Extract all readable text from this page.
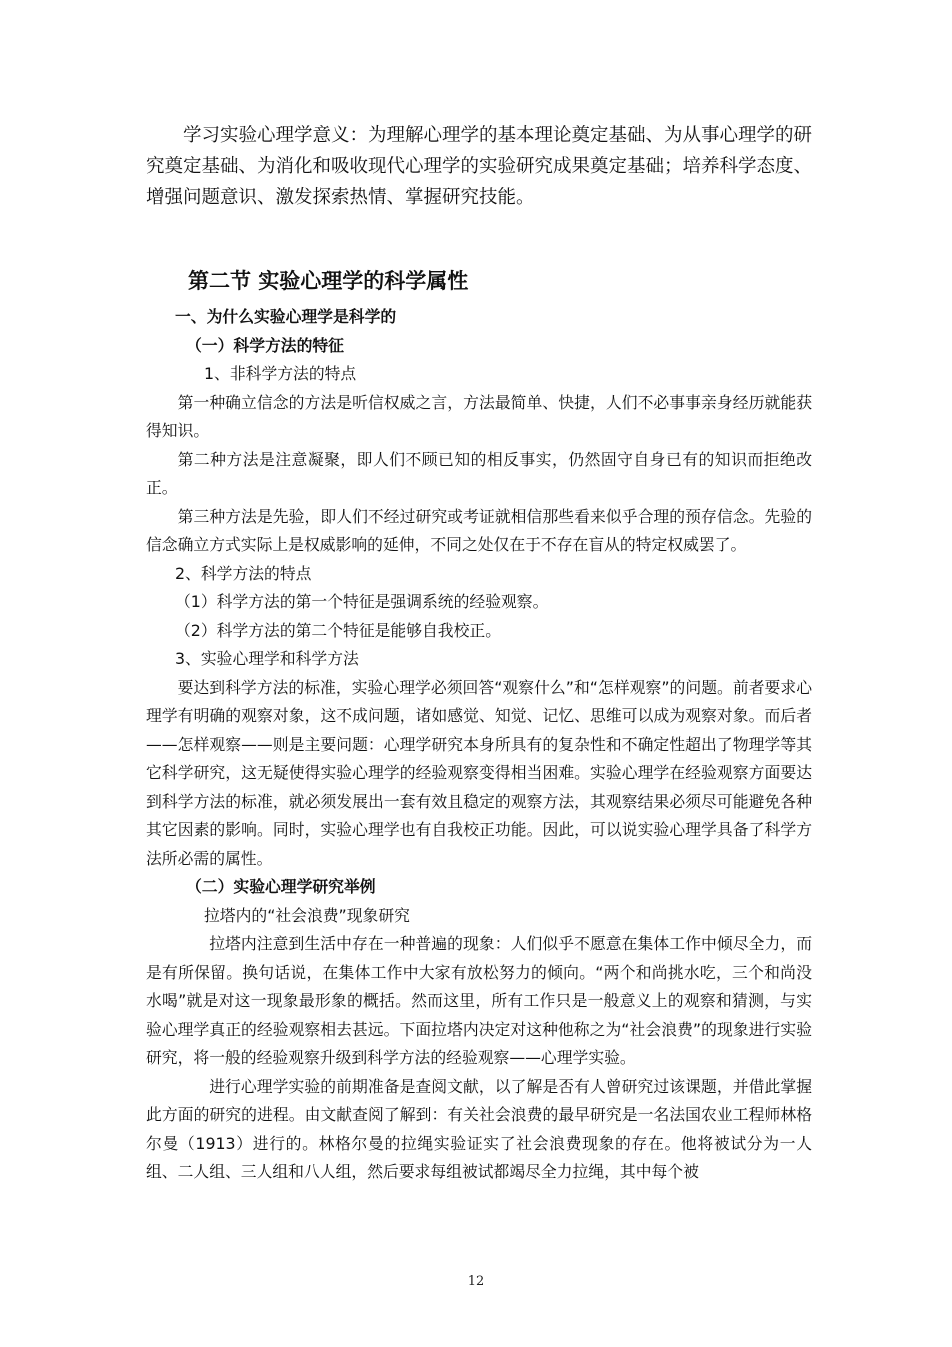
学习实验心理学意义：为理解心理学的基本理论奠定基础、为从事心理学的研究奠定基础、为消化和吸收现代心理学的实验研究成果奠定基础；培养科学态度、增强问题意识、激发探索热情、掌握研究技能。

第二节 实验心理学的科学属性

一、为什么实验心理学是科学的

（一）科学方法的特征

1、非科学方法的特点

第一种确立信念的方法是听信权威之言，方法最简单、快捷，人们不必事事亲身经历就能获得知识。

第二种方法是注意凝聚，即人们不顾已知的相反事实，仍然固守自身已有的知识而拒绝改正。

第三种方法是先验，即人们不经过研究或考证就相信那些看来似乎合理的预存信念。先验的信念确立方式实际上是权威影响的延伸，不同之处仅在于不存在盲从的特定权威罢了。

2、科学方法的特点

（1）科学方法的第一个特征是强调系统的经验观察。

（2）科学方法的第二个特征是能够自我校正。

3、实验心理学和科学方法

要达到科学方法的标准，实验心理学必须回答“观察什么”和“怎样观察”的问题。前者要求心理学有明确的观察对象，这不成问题，诸如感觉、知觉、记忆、思维可以成为观察对象。而后者——怎样观察——则是主要问题：心理学研究本身所具有的复杂性和不确定性超出了物理学等其它科学研究，这无疑使得实验心理学的经验观察变得相当困难。实验心理学在经验观察方面要达到科学方法的标准，就必须发展出一套有效且稳定的观察方法，其观察结果必须尽可能避免各种其它因素的影响。同时，实验心理学也有自我校正功能。因此，可以说实验心理学具备了科学方法所必需的属性。

（二）实验心理学研究举例

拉塔内的“社会浪费”现象研究

拉塔内注意到生活中存在一种普遍的现象：人们似乎不愿意在集体工作中倾尽全力，而是有所保留。换句话说，在集体工作中大家有放松努力的倾向。“两个和尚挑水吃，三个和尚没水喝”就是对这一现象最形象的概括。然而这里，所有工作只是一般意义上的观察和猜测，与实验心理学真正的经验观察相去甚远。下面拉塔内决定对这种他称之为“社会浪费”的现象进行实验研究，将一般的经验观察升级到科学方法的经验观察——心理学实验。

进行心理学实验的前期准备是查阅文献，以了解是否有人曾研究过该课题，并借此掌握此方面的研究的进程。由文献查阅了解到：有关社会浪费的最早研究是一名法国农业工程师林格尔曼（1913）进行的。林格尔曼的拉绳实验证实了社会浪费现象的存在。他将被试分为一人组、二人组、三人组和八人组，然后要求每组被试都竭尽全力拉绳，其中每个被

12
